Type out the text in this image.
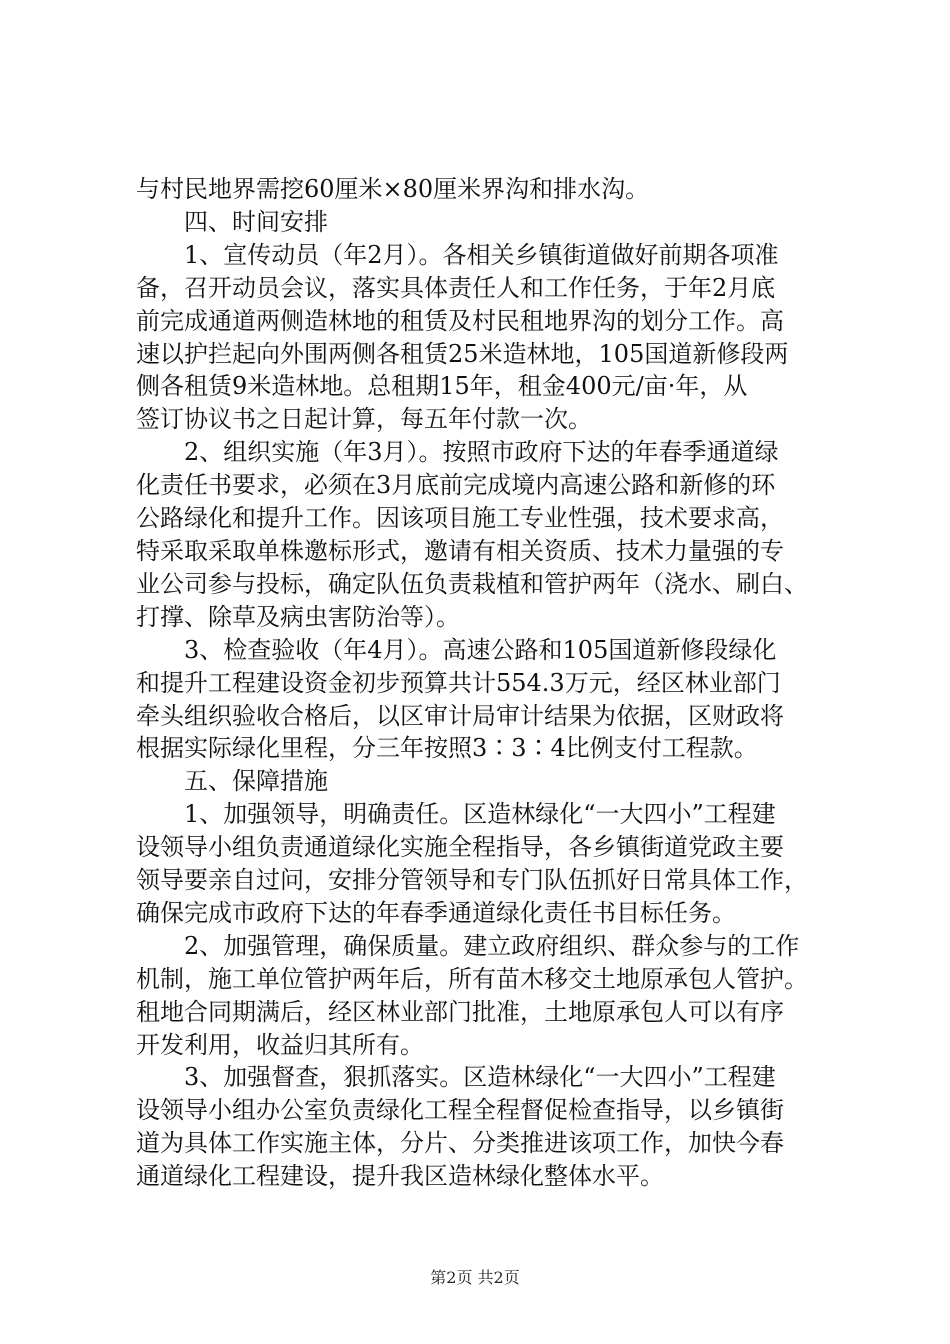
与村民地界需挖60厘米×80厘米界沟和排水沟。

四、时间安排

1、宣传动员（年2月）。各相关乡镇街道做好前期各项准

备，召开动员会议，落实具体责任人和工作任务，于年2月底

前完成通道两侧造林地的租赁及村民租地界沟的划分工作。高

速以护拦起向外围两侧各租赁25米造林地，105国道新修段两

侧各租赁9米造林地。总租期15年，租金400元/亩·年，从

签订协议书之日起计算，每五年付款一次。

2、组织实施（年3月）。按照市政府下达的年春季通道绿

化责任书要求，必须在3月底前完成境内高速公路和新修的环

公路绿化和提升工作。因该项目施工专业性强，技术要求高，

特采取采取单株邀标形式，邀请有相关资质、技术力量强的专

业公司参与投标，确定队伍负责栽植和管护两年（浇水、刷白、

打撑、除草及病虫害防治等）。

3、检查验收（年4月）。高速公路和105国道新修段绿化

和提升工程建设资金初步预算共计554.3万元，经区林业部门

牵头组织验收合格后，以区审计局审计结果为依据，区财政将

根据实际绿化里程，分三年按照3∶3∶4比例支付工程款。

五、保障措施

1、加强领导，明确责任。区造林绿化“一大四小”工程建

设领导小组负责通道绿化实施全程指导，各乡镇街道党政主要

领导要亲自过问，安排分管领导和专门队伍抓好日常具体工作，

确保完成市政府下达的年春季通道绿化责任书目标任务。

2、加强管理，确保质量。建立政府组织、群众参与的工作

机制，施工单位管护两年后，所有苗木移交土地原承包人管护。

租地合同期满后，经区林业部门批准，土地原承包人可以有序

开发利用，收益归其所有。

3、加强督查，狠抓落实。区造林绿化“一大四小”工程建

设领导小组办公室负责绿化工程全程督促检查指导，以乡镇街

道为具体工作实施主体，分片、分类推进该项工作，加快今春

通道绿化工程建设，提升我区造林绿化整体水平。

第2页 共2页
